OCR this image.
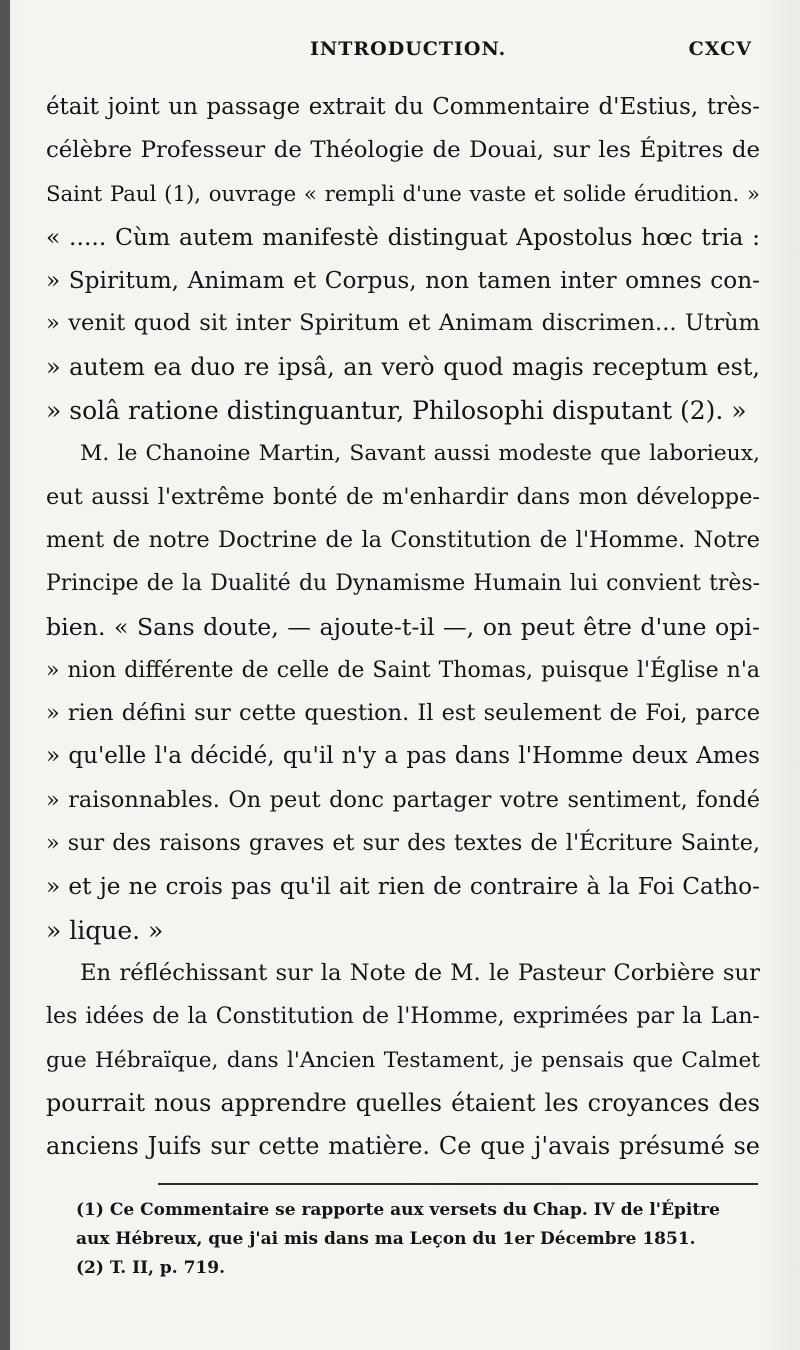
INTRODUCTION.	CXCV
était joint un passage extrait du Commentaire d'Estius, très-
célèbre Professeur de Théologie de Douai, sur les Épitres de
Saint Paul (1), ouvrage « rempli d'une vaste et solide érudition. »
« ..... Cùm autem manifestè distinguat Apostolus hœc tria :
» Spiritum, Animam et Corpus, non tamen inter omnes con-
» venit quod sit inter Spiritum et Animam discrimen... Utrùm
» autem ea duo re ipsâ, an verò quod magis receptum est,
» solâ ratione distinguantur, Philosophi disputant (2). »
M. le Chanoine Martin, Savant aussi modeste que laborieux,
eut aussi l'extrême bonté de m'enhardir dans mon développe-
ment de notre Doctrine de la Constitution de l'Homme. Notre
Principe de la Dualité du Dynamisme Humain lui convient très-
bien. « Sans doute, — ajoute-t-il —, on peut être d'une opi-
» nion différente de celle de Saint Thomas, puisque l'Église n'a
» rien défini sur cette question. Il est seulement de Foi, parce
» qu'elle l'a décidé, qu'il n'y a pas dans l'Homme deux Ames
» raisonnables. On peut donc partager votre sentiment, fondé
» sur des raisons graves et sur des textes de l'Écriture Sainte,
» et je ne crois pas qu'il ait rien de contraire à la Foi Catho-
» lique. »
En réfléchissant sur la Note de M. le Pasteur Corbière sur
les idées de la Constitution de l'Homme, exprimées par la Lan-
gue Hébraïque, dans l'Ancien Testament, je pensais que Calmet
pourrait nous apprendre quelles étaient les croyances des
anciens Juifs sur cette matière. Ce que j'avais présumé se
(1) Ce Commentaire se rapporte aux versets du Chap. IV de l'Épitre
aux Hébreux, que j'ai mis dans ma Leçon du 1er Décembre 1851.
(2) T. II, p. 719.
